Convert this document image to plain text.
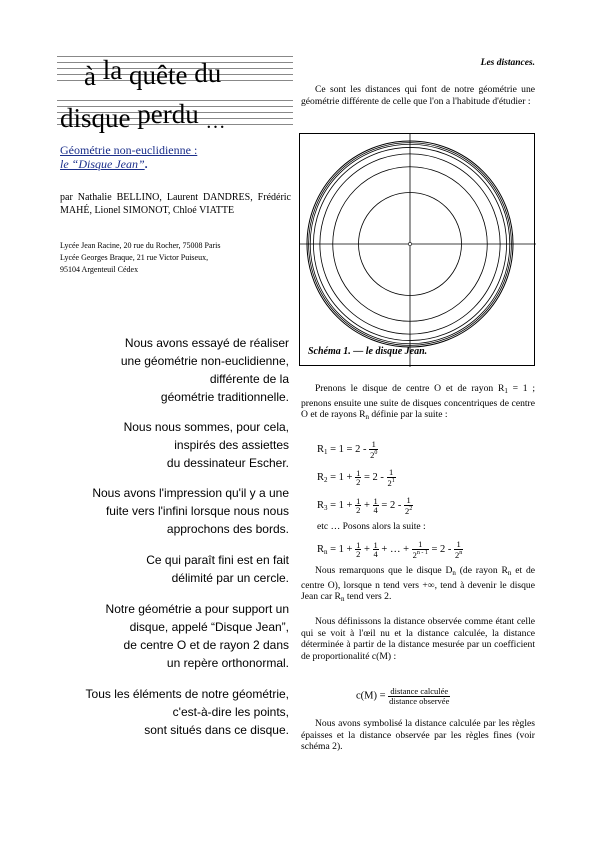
à la quête du
disque perdu …
Géométrie non-euclidienne :
le “Disque Jean”.
par Nathalie BELLINO, Laurent DANDRES, Frédéric MAHÉ, Lionel SIMONOT, Chloé VIATTE
Lycée Jean Racine, 20 rue du Rocher, 75008 Paris
Lycée Georges Braque, 21 rue Victor Puiseux,
95104 Argenteuil Cédex
Nous avons essayé de réaliser
une géométrie non-euclidienne,
différente de la
géométrie traditionnelle.
Nous nous sommes, pour cela,
inspirés des assiettes
du dessinateur Escher.
Nous avons l'impression qu'il y a une
fuite vers l'infini lorsque nous nous
approchons des bords.
Ce qui paraît fini est en fait
délimité par un cercle.
Notre géométrie a pour support un
disque, appelé “Disque Jean”,
de centre O et de rayon 2 dans
un repère orthonormal.
Tous les éléments de notre géométrie,
c'est-à-dire les points,
sont situés dans ce disque.
Les distances.
Ce sont les distances qui font de notre géométrie une géométrie différente de celle que l'on a l'habitude d'étudier :
Schéma 1. — le disque Jean.
Prenons le disque de centre O et de rayon $R_1 = 1$ ; prenons ensuite une suite de disques concentriques de centre O et de rayons $R_n$ définie par la suite :
$R_1 = 1 = 2 - \frac{1}{2^0}$
$R_2 = 1 + \frac{1}{2} = 2 - \frac{1}{2^1}$
$R_3 = 1 + \frac{1}{2} + \frac{1}{4} = 2 - \frac{1}{2^2}$
etc … Posons alors la suite :
$R_n = 1 + \frac{1}{2} + \frac{1}{4}$ + … + $\frac{1}{2^{n - 1}} = 2 - \frac{1}{2^n}$
Nous remarquons que le disque $D_n$ (de rayon $R_n$ et de centre O), lorsque n tend vers +∞, tend à devenir le disque Jean car $R_n$ tend vers 2.
Nous définissons la distance observée comme étant celle qui se voit à l'œil nu et la distance calculée, la distance déterminée à partir de la distance mesurée par un coefficient de proportionalité c(M) :
$c(M) = \frac{\text{distance calculée}}{\text{distance observée}}$
Nous avons symbolisé la distance calculée par les règles épaisses et la distance observée par les règles fines (voir schéma 2).
